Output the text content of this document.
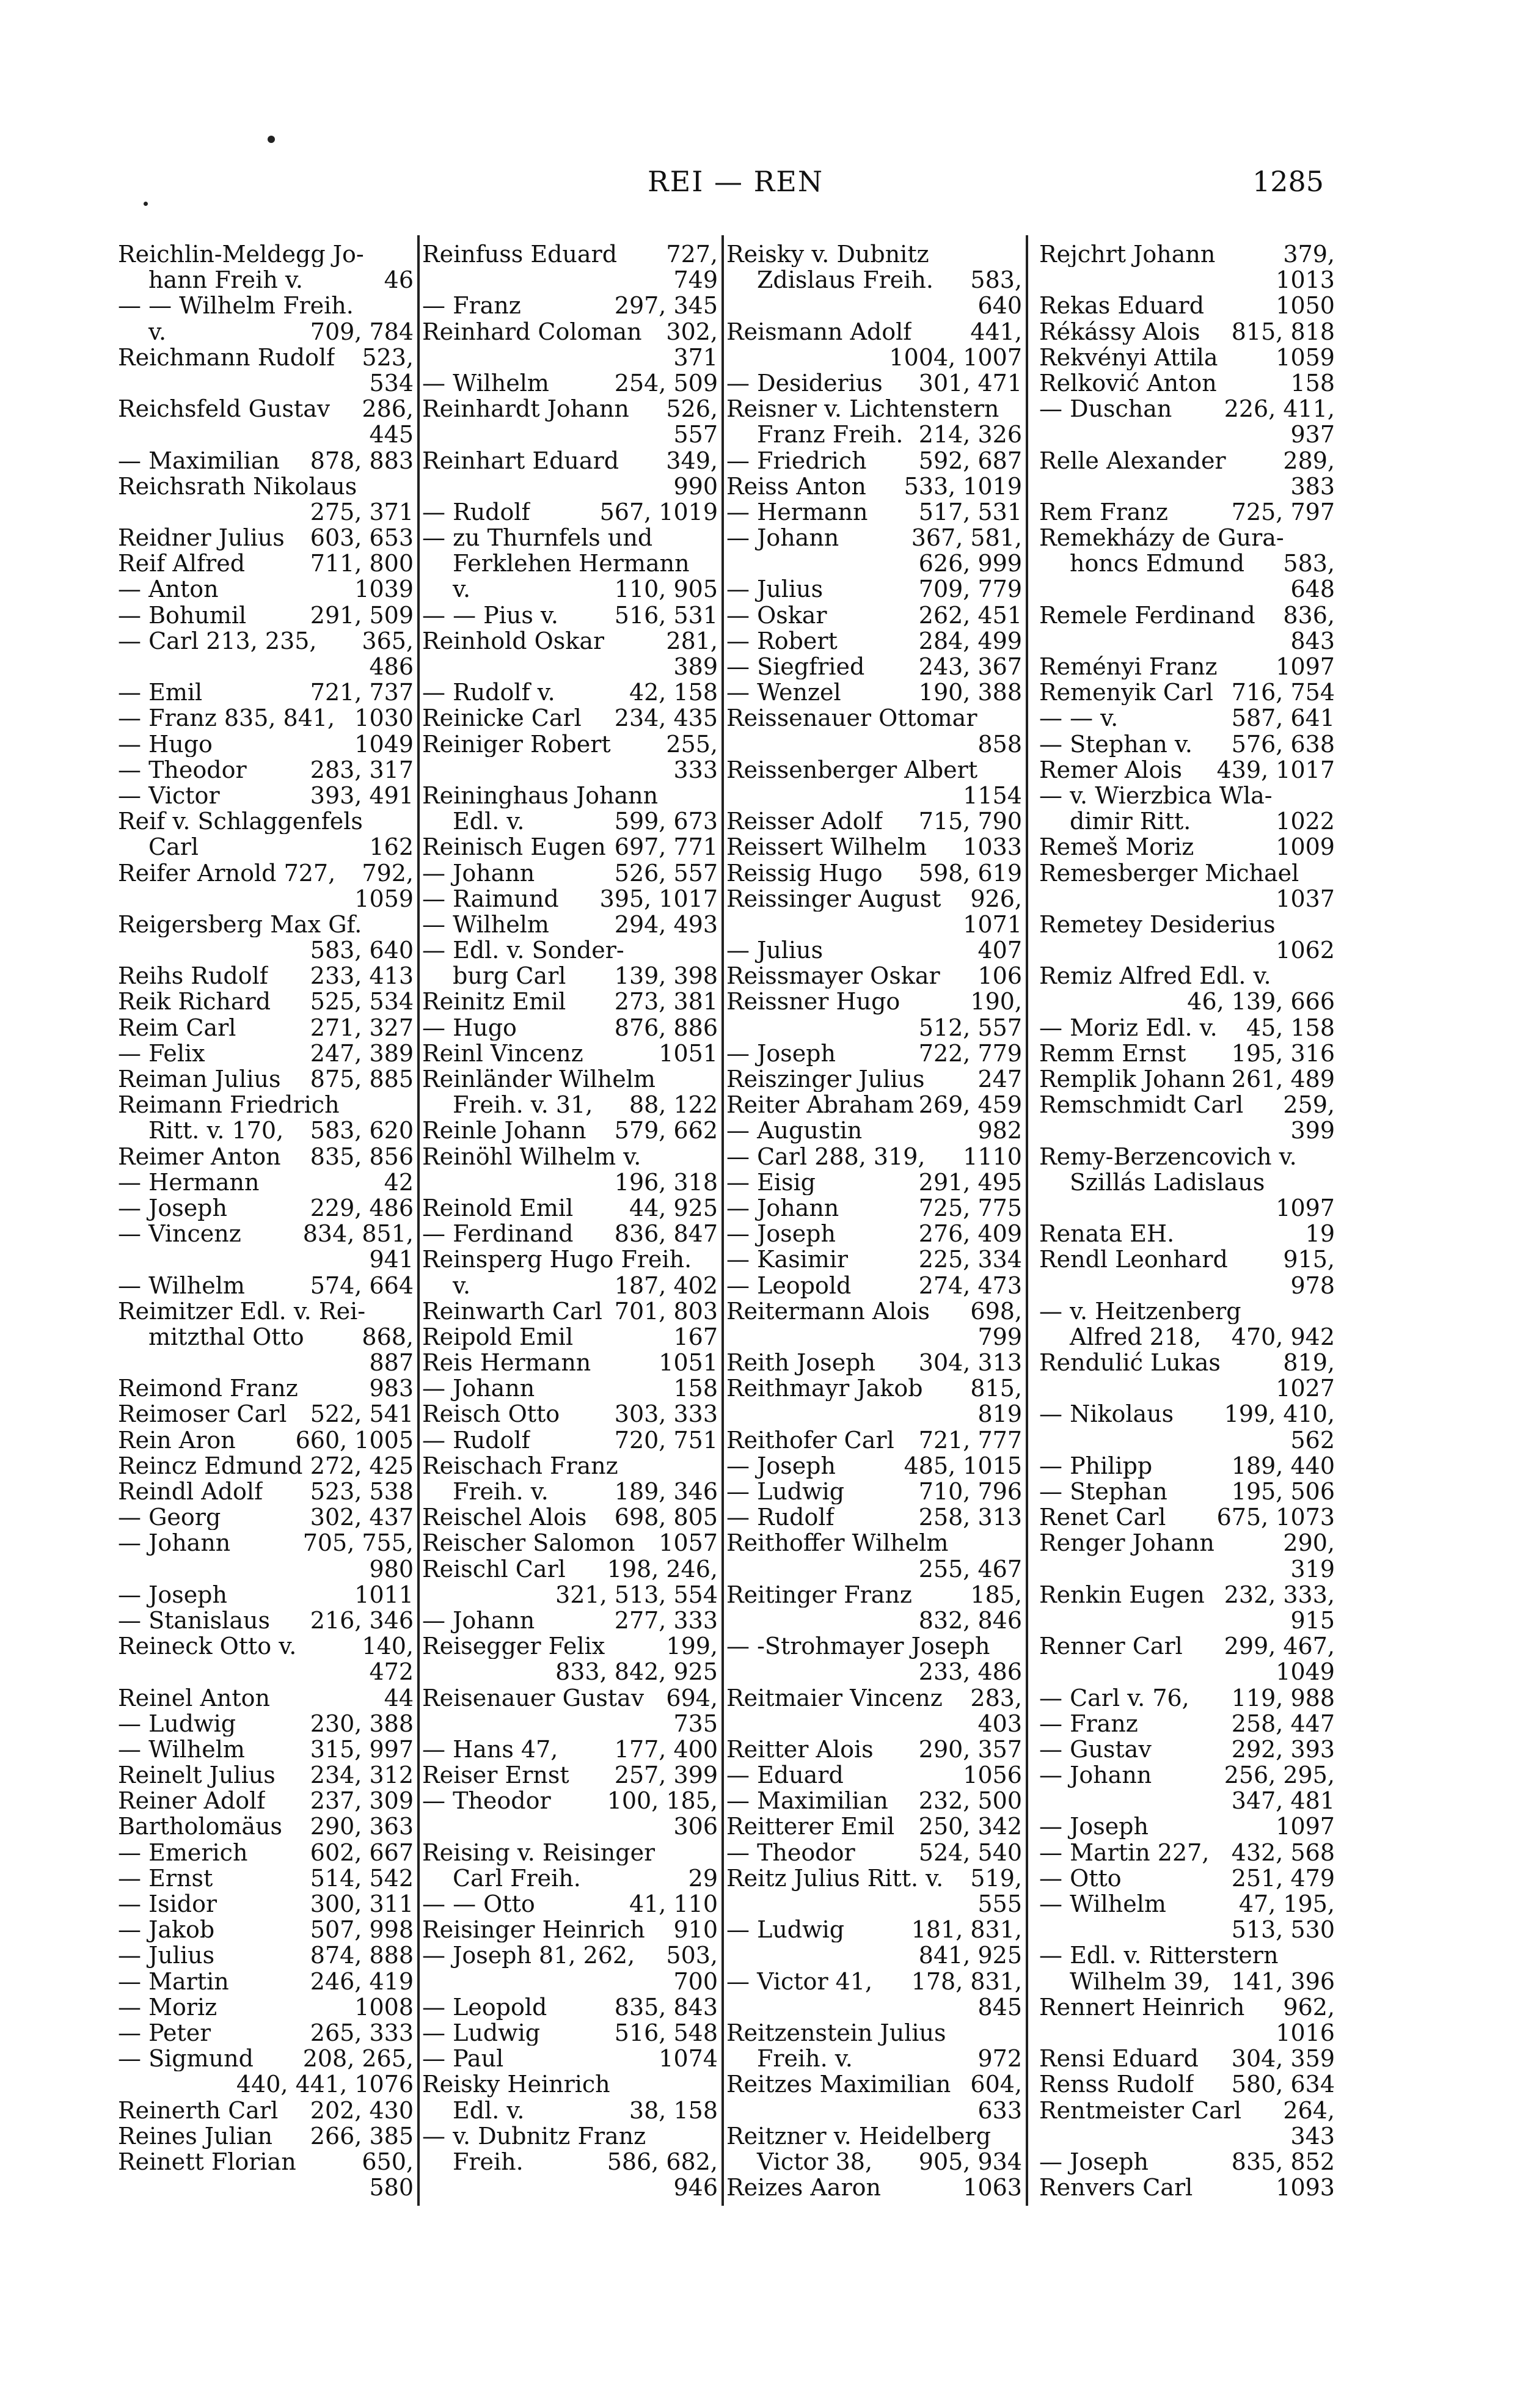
REI — REN	1285
Reichlin-Meldegg Jo-
hann Freih v.	46
— — Wilhelm Freih.
v.	709, 784
Reichmann Rudolf 523,
534
Reichsfeld Gustav 286,
445
— Maximilian 878, 883
Reichsrath Nikolaus
275, 371
Reidner Julius 603, 653
Reif Alfred	711, 800
— Anton	1039
— Bohumil	291, 509
— Carl 213, 235, 365,
486
— Emil	721, 737
— Franz 835, 841, 1030
— Hugo	1049
— Theodor	283, 317
— Victor	393, 491
Reif v. Schlaggenfels
Carl	162
Reifer Arnold 727, 792,
1059
Reigersberg Max Gf.
583, 640
Reihs Rudolf 233, 413
Reik Richard 525, 534
Reim Carl	271, 327
— Felix	247, 389
Reiman Julius 875, 885
Reimann Friedrich
Ritt. v. 170, 583, 620
Reimer Anton 835, 856
— Hermann	42
— Joseph	229, 486
— Vincenz	834, 851,
941
— Wilhelm	574, 664
Reimitzer Edl. v. Rei-
mitzthal Otto 868,
887
Reimond Franz	983
Reimoser Carl 522, 541
Rein Aron	660, 1005
Reincz Edmund 272, 425
Reindl Adolf 523, 538
— Georg	302, 437
— Johann	705, 755,
980
— Joseph	1011
— Stanislaus 216, 346
Reineck Otto v.	140,
472
Reinel Anton	44
— Ludwig	230, 388
— Wilhelm	315, 997
Reinelt Julius 234, 312
Reiner Adolf 237, 309
Bartholomäus 290, 363
— Emerich	602, 667
— Ernst	514, 542
— Isidor	300, 311
— Jakob	507, 998
— Julius	874, 888
— Martin	246, 419
— Moriz	1008
— Peter	265, 333
— Sigmund 208, 265,
440, 441, 1076
Reinerth Carl 202, 430
Reines Julian 266, 385
Reinett Florian	650,
580
Reinfuss Eduard 727,
749
— Franz	297, 345
Reinhard Coloman 302,
371
— Wilhelm	254, 509
Reinhardt Johann 526,
557
Reinhart Eduard 349,
990
— Rudolf	567, 1019
— zu Thurnfels und
Ferklehen Hermann
v.	110, 905
— — Pius v. 516, 531
Reinhold Oskar	281,
389
— Rudolf v.	42, 158
Reinicke Carl 234, 435
Reiniger Robert 255,
333
Reininghaus Johann
Edl. v.	599, 673
Reinisch Eugen 697, 771
— Johann	526, 557
— Raimund 395, 1017
— Wilhelm	294, 493
— Edl. v. Sonder-
burg Carl 139, 398
Reinitz Emil 273, 381
— Hugo	876, 886
Reinl Vincenz	1051
Reinländer Wilhelm
Freih. v. 31, 88, 122
Reinle Johann 579, 662
Reinöhl Wilhelm v.
196, 318
Reinold Emil 44, 925
— Ferdinand 836, 847
Reinsperg Hugo Freih.
v.	187, 402
Reinwarth Carl 701, 803
Reipold Emil	167
Reis Hermann	1051
— Johann	158
Reisch Otto 303, 333
— Rudolf	720, 751
Reischach Franz
Freih. v.	189, 346
Reischel Alois 698, 805
Reischer Salomon 1057
Reischl Carl 198, 246,
321, 513, 554
— Johann	277, 333
Reisegger Felix	199,
833, 842, 925
Reisenauer Gustav 694,
735
— Hans 47, 177, 400
Reiser Ernst 257, 399
— Theodor 100, 185,
306
Reising v. Reisinger
Carl Freih.	29
— — Otto	41, 110
Reisinger Heinrich 910
— Joseph 81, 262, 503,
700
— Leopold	835, 843
— Ludwig	516, 548
— Paul	1074
Reisky Heinrich
Edl. v.	38, 158
— v. Dubnitz Franz
Freih.	586, 682,
946
Reisky v. Dubnitz
Zdislaus Freih. 583,
640
Reismann Adolf	441,
1004, 1007
— Desiderius 301, 471
Reisner v. Lichtenstern
Franz Freih. 214, 326
— Friedrich 592, 687
Reiss Anton 533, 1019
— Hermann 517, 531
— Johann	367, 581,
626, 999
— Julius	709, 779
— Oskar	262, 451
— Robert	284, 499
— Siegfried 243, 367
— Wenzel	190, 388
Reissenauer Ottomar
858
Reissenberger Albert
1154
Reisser Adolf 715, 790
Reissert Wilhelm 1033
Reissig Hugo 598, 619
Reissinger August 926,
1071
— Julius	407
Reissmayer Oskar 106
Reissner Hugo	190,
512, 557
— Joseph	722, 779
Reiszinger Julius 247
Reiter Abraham 269, 459
— Augustin	982
— Carl 288, 319, 1110
— Eisig	291, 495
— Johann	725, 775
— Joseph	276, 409
— Kasimir	225, 334
— Leopold	274, 473
Reitermann Alois 698,
799
Reith Joseph 304, 313
Reithmayr Jakob 815,
819
Reithofer Carl 721, 777
— Joseph	485, 1015
— Ludwig	710, 796
— Rudolf	258, 313
Reithoffer Wilhelm
255, 467
Reitinger Franz	185,
832, 846
— -Strohmayer Joseph
233, 486
Reitmaier Vincenz 283,
403
Reitter Alois 290, 357
— Eduard	1056
— Maximilian 232, 500
Reitterer Emil 250, 342
— Theodor	524, 540
Reitz Julius Ritt. v. 519,
555
— Ludwig	181, 831,
841, 925
— Victor 41, 178, 831,
845
Reitzenstein Julius
Freih. v.	972
Reitzes Maximilian 604,
633
Reitzner v. Heidelberg
Victor 38, 905, 934
Reizes Aaron	1063
Rejchrt Johann	379,
1013
Rekas Eduard	1050
Rékássy Alois 815, 818
Rekvényi Attila 1059
Relković Anton	158
— Duschan 226, 411,
937
Relle Alexander 289,
383
Rem Franz	725, 797
Remekházy de Gura-
honcs Edmund 583,
648
Remele Ferdinand 836,
843
Reményi Franz	1097
Remenyik Carl 716, 754
— — v.	587, 641
— Stephan v. 576, 638
Remer Alois 439, 1017
— v. Wierzbica Wla-
dimir Ritt.	1022
Remeš Moriz	1009
Remesberger Michael
1037
Remetey Desiderius
1062
Remiz Alfred Edl. v.
46, 139, 666
— Moriz Edl. v. 45, 158
Remm Ernst 195, 316
Remplik Johann 261, 489
Remschmidt Carl 259,
399
Remy-Berzencovich v.
Szillás Ladislaus
1097
Renata EH.	19
Rendl Leonhard 915,
978
— v. Heitzenberg
Alfred 218, 470, 942
Rendulić Lukas	819,
1027
— Nikolaus 199, 410,
562
— Philipp	189, 440
— Stephan	195, 506
Renet Carl 675, 1073
Renger Johann	290,
319
Renkin Eugen 232, 333,
915
Renner Carl 299, 467,
1049
— Carl v. 76, 119, 988
— Franz	258, 447
— Gustav	292, 393
— Johann	256, 295,
347, 481
— Joseph	1097
— Martin 227, 432, 568
— Otto	251, 479
— Wilhelm	47, 195,
513, 530
— Edl. v. Ritterstern
Wilhelm 39, 141, 396
Rennert Heinrich 962,
1016
Rensi Eduard 304, 359
Renss Rudolf 580, 634
Rentmeister Carl 264,
343
— Joseph	835, 852
Renvers Carl	1093
